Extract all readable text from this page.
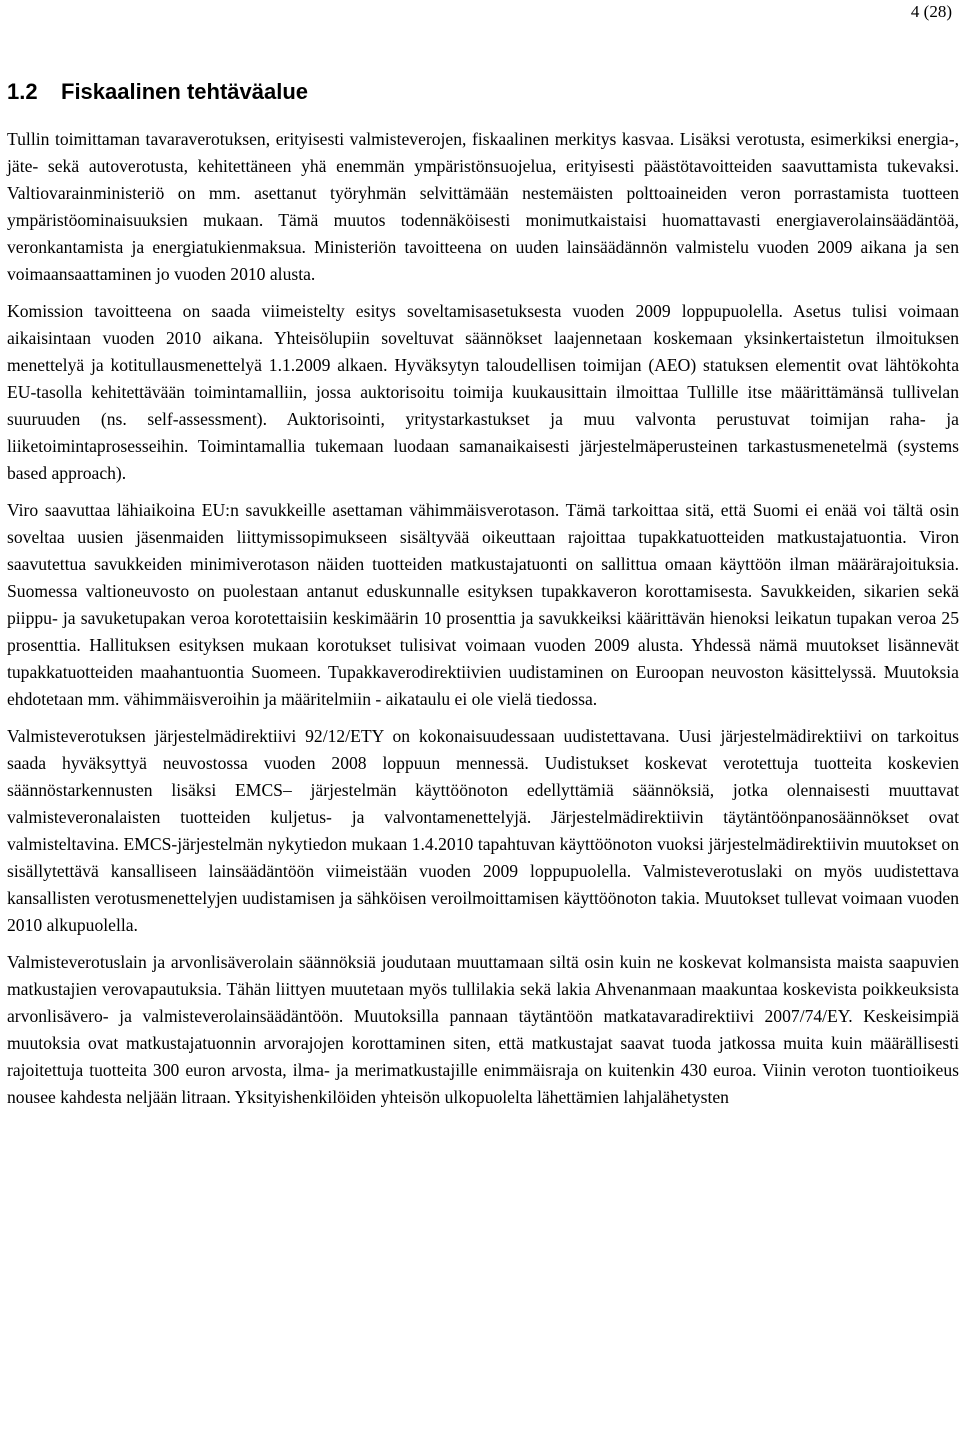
4 (28)
1.2 Fiskaalinen tehtäväalue

Tullin toimittaman tavaraverotuksen, erityisesti valmisteverojen, fiskaalinen merkitys kasvaa. Lisäksi verotusta, esimerkiksi energia-, jäte- sekä autoverotusta, kehitettäneen yhä enemmän ympäristönsuojelua, erityisesti päästötavoitteiden saavuttamista tukevaksi. Valtiovarainministeriö on mm. asettanut työryhmän selvittämään nestemäisten polttoaineiden veron porrastamista tuotteen ympäristöominaisuuksien mukaan. Tämä muutos todennäköisesti monimutkaistaisi huomattavasti energiaverolainsäädäntöä, veronkantamista ja energiatukienmaksua. Ministeriön tavoitteena on uuden lainsäädännön valmistelu vuoden 2009 aikana ja sen voimaansaattaminen jo vuoden 2010 alusta.

Komission tavoitteena on saada viimeistelty esitys soveltamisasetuksesta vuoden 2009 loppupuolella. Asetus tulisi voimaan aikaisintaan vuoden 2010 aikana. Yhteisölupiin soveltuvat säännökset laajennetaan koskemaan yksinkertaistetun ilmoituksen menettelyä ja kotitullausmenettelyä 1.1.2009 alkaen. Hyväksytyn taloudellisen toimijan (AEO) statuksen elementit ovat lähtökohta EU-tasolla kehitettävään toimintamalliin, jossa auktorisoitu toimija kuukausittain ilmoittaa Tullille itse määrittämänsä tullivelan suuruuden (ns. self-assessment). Auktorisointi, yritystarkastukset ja muu valvonta perustuvat toimijan raha- ja liiketoimintaprosesseihin. Toimintamallia tukemaan luodaan samanaikaisesti järjestelmäperusteinen tarkastusmenetelmä (systems based approach).

Viro saavuttaa lähiaikoina EU:n savukkeille asettaman vähimmäisverotason. Tämä tarkoittaa sitä, että Suomi ei enää voi tältä osin soveltaa uusien jäsenmaiden liittymissopimukseen sisältyvää oikeuttaan rajoittaa tupakkatuotteiden matkustajatuontia. Viron saavutettua savukkeiden minimiverotason näiden tuotteiden matkustajatuonti on sallittua omaan käyttöön ilman määrärajoituksia. Suomessa valtioneuvosto on puolestaan antanut eduskunnalle esityksen tupakkaveron korottamisesta. Savukkeiden, sikarien sekä piippu- ja savuketupakan veroa korotettaisiin keskimäärin 10 prosenttia ja savukkeiksi käärittävän hienoksi leikatun tupakan veroa 25 prosenttia. Hallituksen esityksen mukaan korotukset tulisivat voimaan vuoden 2009 alusta. Yhdessä nämä muutokset lisännevät tupakkatuotteiden maahantuontia Suomeen. Tupakkaverodirektiivien uudistaminen on Euroopan neuvoston käsittelyssä. Muutoksia ehdotetaan mm. vähimmäisveroihin ja määritelmiin - aikataulu ei ole vielä tiedossa.

Valmisteverotuksen järjestelmädirektiivi 92/12/ETY on kokonaisuudessaan uudistettavana. Uusi järjestelmädirektiivi on tarkoitus saada hyväksyttyä neuvostossa vuoden 2008 loppuun mennessä. Uudistukset koskevat verotettuja tuotteita koskevien säännöstarkennusten lisäksi EMCS– järjestelmän käyttöönoton edellyttämiä säännöksiä, jotka olennaisesti muuttavat valmisteveronalaisten tuotteiden kuljetus- ja valvontamenettelyjä. Järjestelmädirektiivin täytäntöönpanosäännökset ovat valmisteltavina. EMCS-järjestelmän nykytiedon mukaan 1.4.2010 tapahtuvan käyttöönoton vuoksi järjestelmädirektiivin muutokset on sisällytettävä kansalliseen lainsäädäntöön viimeistään vuoden 2009 loppupuolella. Valmisteverotuslaki on myös uudistettava kansallisten verotusmenettelyjen uudistamisen ja sähköisen veroilmoittamisen käyttöönoton takia. Muutokset tullevat voimaan vuoden 2010 alkupuolella.

Valmisteverotuslain ja arvonlisäverolain säännöksiä joudutaan muuttamaan siltä osin kuin ne koskevat kolmansista maista saapuvien matkustajien verovapautuksia. Tähän liittyen muutetaan myös tullilakia sekä lakia Ahvenanmaan maakuntaa koskevista poikkeuksista arvonlisävero- ja valmisteverolainsäädäntöön. Muutoksilla pannaan täytäntöön matkatavaradirektiivi 2007/74/EY. Keskeisimpiä muutoksia ovat matkustajatuonnin arvorajojen korottaminen siten, että matkustajat saavat tuoda jatkossa muita kuin määrällisesti rajoitettuja tuotteita 300 euron arvosta, ilma- ja merimatkustajille enimmäisraja on kuitenkin 430 euroa. Viinin veroton tuontioikeus nousee kahdesta neljään litraan. Yksityishenkilöiden yhteisön ulkopuolelta lähettämien lahjalähetysten
